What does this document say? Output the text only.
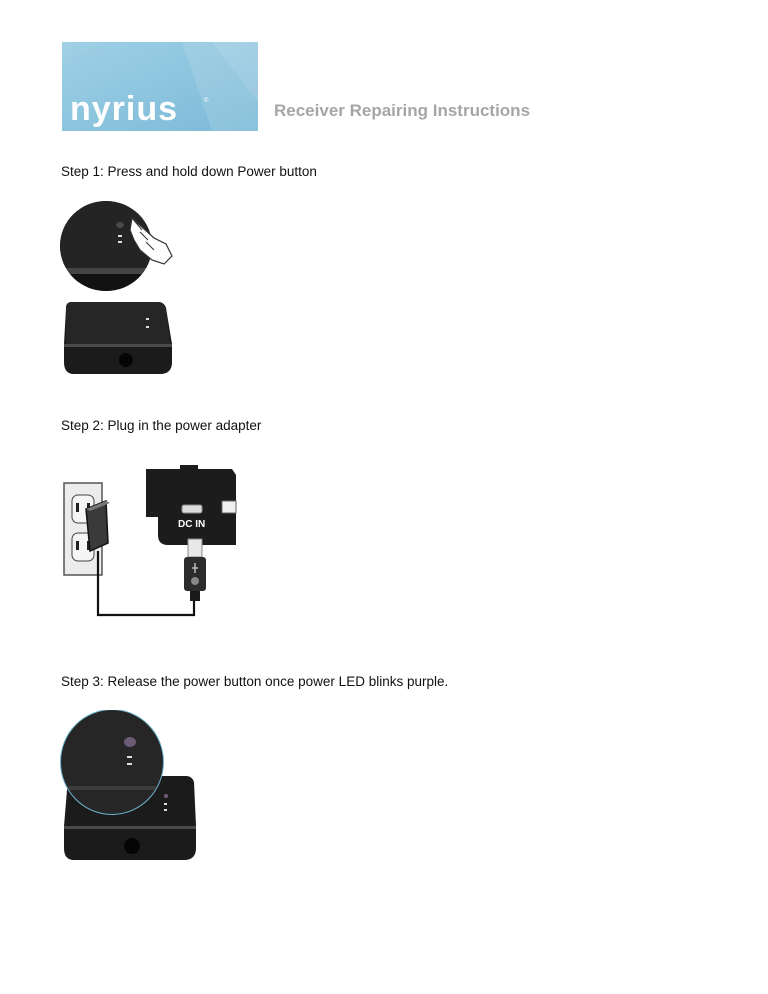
nyrius	®	Receiver Repairing Instructions
Step 1: Press and hold down Power button
Step 2: Plug in the power adapter
DC IN
Step 3: Release the power button once power LED blinks purple.
